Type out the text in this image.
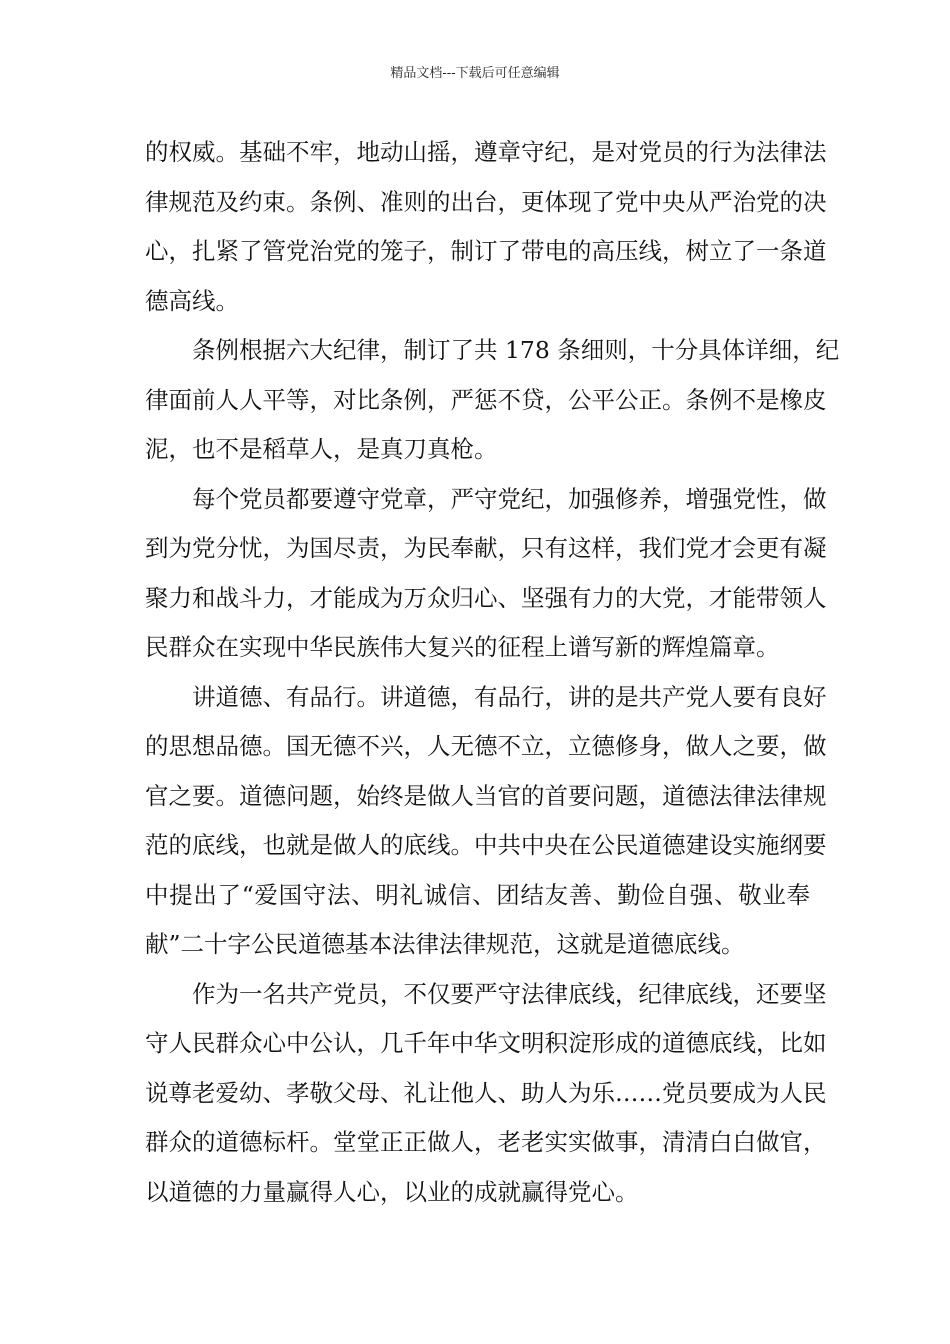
精品文档---下载后可任意编辑
的权威。基础不牢，地动山摇，遵章守纪，是对党员的行为法律法
律规范及约束。条例、准则的出台，更体现了党中央从严治党的决
心，扎紧了管党治党的笼子，制订了带电的高压线，树立了一条道
德高线。
条例根据六大纪律，制订了共 178 条细则，十分具体详细，纪
律面前人人平等，对比条例，严惩不贷，公平公正。条例不是橡皮
泥，也不是稻草人，是真刀真枪。
每个党员都要遵守党章，严守党纪，加强修养，增强党性，做
到为党分忧，为国尽责，为民奉献，只有这样，我们党才会更有凝
聚力和战斗力，才能成为万众归心、坚强有力的大党，才能带领人
民群众在实现中华民族伟大复兴的征程上谱写新的辉煌篇章。
讲道德、有品行。讲道德，有品行，讲的是共产党人要有良好
的思想品德。国无德不兴，人无德不立，立德修身，做人之要，做
官之要。道德问题，始终是做人当官的首要问题，道德法律法律规
范的底线，也就是做人的底线。中共中央在公民道德建设实施纲要
中提出了“爱国守法、明礼诚信、团结友善、勤俭自强、敬业奉
献”二十字公民道德基本法律法律规范，这就是道德底线。
作为一名共产党员，不仅要严守法律底线，纪律底线，还要坚
守人民群众心中公认，几千年中华文明积淀形成的道德底线，比如
说尊老爱幼、孝敬父母、礼让他人、助人为乐……党员要成为人民
群众的道德标杆。堂堂正正做人，老老实实做事，清清白白做官，
以道德的力量赢得人心，以业的成就赢得党心。
